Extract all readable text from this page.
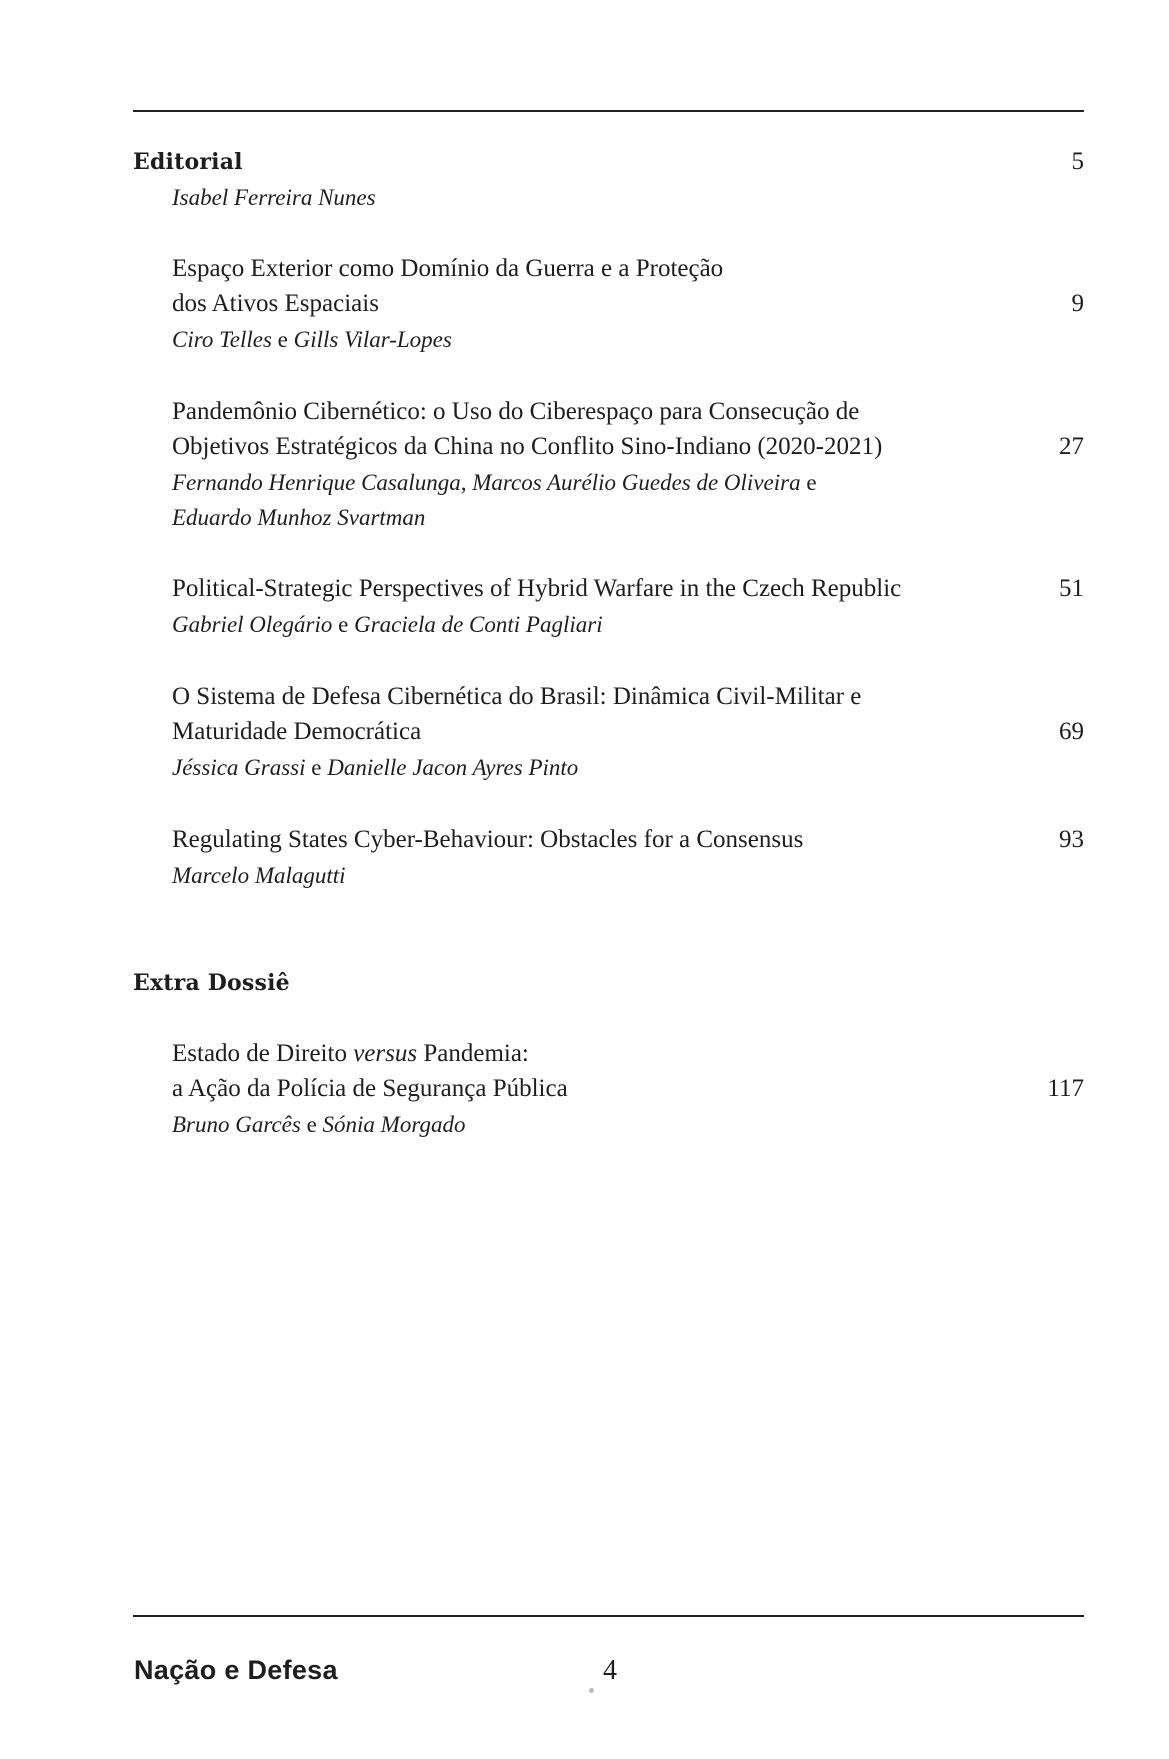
Editorial	5
Isabel Ferreira Nunes
Espaço Exterior como Domínio da Guerra e a Proteção
dos Ativos Espaciais	9
Ciro Telles e Gills Vilar-Lopes
Pandemônio Cibernético: o Uso do Ciberespaço para Consecução de
Objetivos Estratégicos da China no Conflito Sino-Indiano (2020-2021)	27
Fernando Henrique Casalunga, Marcos Aurélio Guedes de Oliveira e
Eduardo Munhoz Svartman
Political-Strategic Perspectives of Hybrid Warfare in the Czech Republic	51
Gabriel Olegário e Graciela de Conti Pagliari
O Sistema de Defesa Cibernética do Brasil: Dinâmica Civil-Militar e
Maturidade Democrática	69
Jéssica Grassi e Danielle Jacon Ayres Pinto
Regulating States Cyber-Behaviour: Obstacles for a Consensus	93
Marcelo Malagutti
Extra Dossiê
Estado de Direito versus Pandemia:
a Ação da Polícia de Segurança Pública	117
Bruno Garcês e Sónia Morgado
Nação e Defesa	4
